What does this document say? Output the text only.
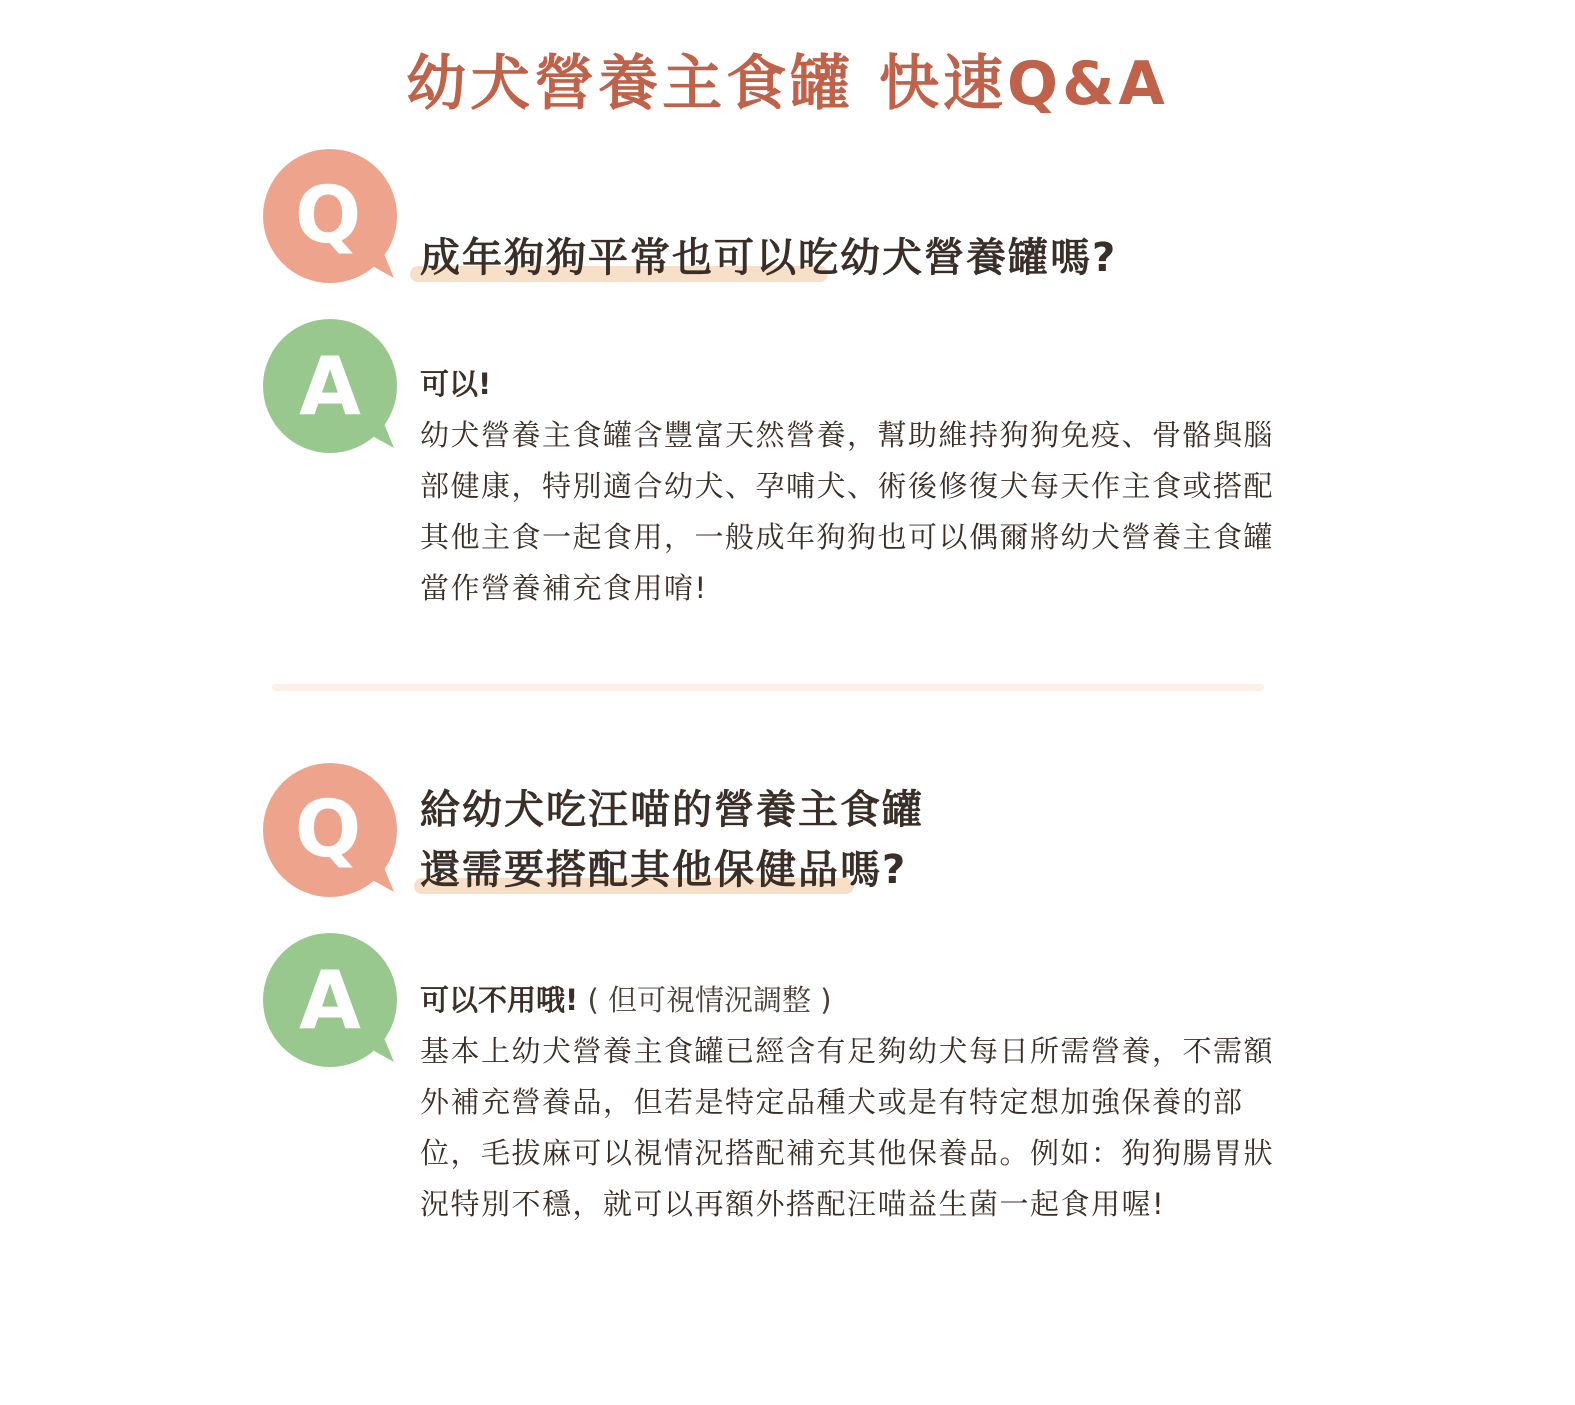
幼犬營養主食罐 快速Q&A
Q 成年狗狗平常也可以吃幼犬營養罐嗎?
A 可以!
幼犬營養主食罐含豐富天然營養，幫助維持狗狗免疫、骨骼與腦部健康，特別適合幼犬、孕哺犬、術後修復犬每天作主食或搭配其他主食一起食用，一般成年狗狗也可以偶爾將幼犬營養主食罐當作營養補充食用唷!
Q 給幼犬吃汪喵的營養主食罐
還需要搭配其他保健品嗎?
A 可以不用哦! ( 但可視情況調整 )
基本上幼犬營養主食罐已經含有足夠幼犬每日所需營養，不需額外補充營養品，但若是特定品種犬或是有特定想加強保養的部位，毛拔麻可以視情況搭配補充其他保養品。例如：狗狗腸胃狀況特別不穩，就可以再額外搭配汪喵益生菌一起食用喔!
